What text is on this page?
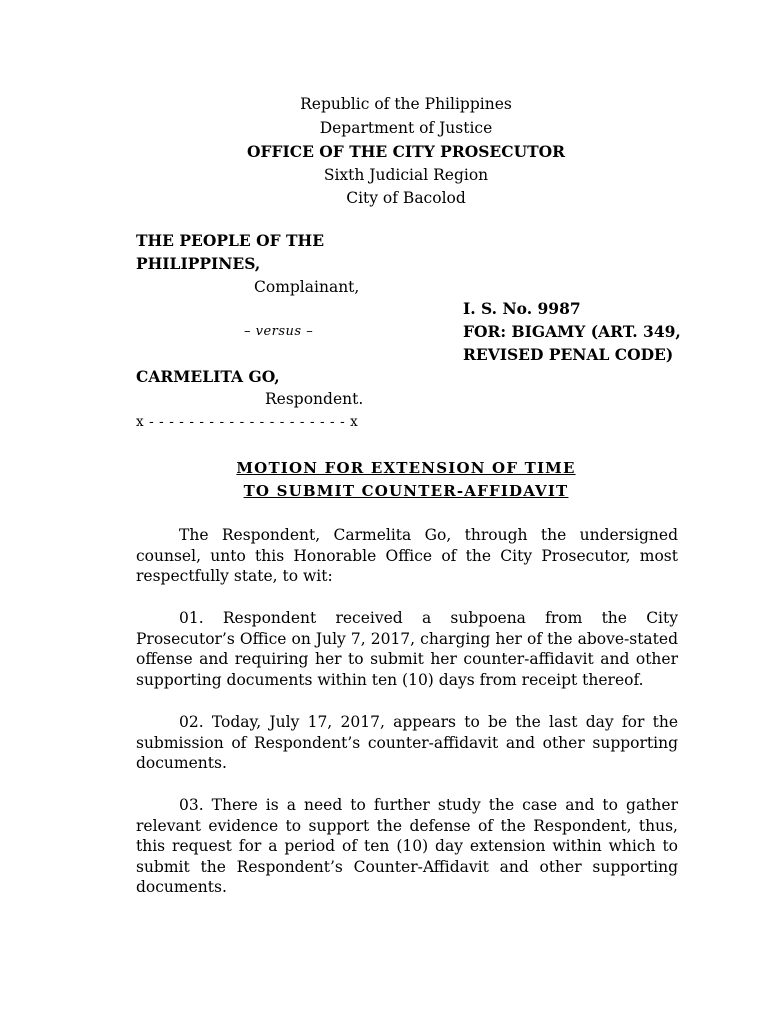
Republic of the Philippines
Department of Justice
OFFICE OF THE CITY PROSECUTOR
Sixth Judicial Region
City of Bacolod
THE PEOPLE OF THE
PHILIPPINES,
Complainant,
I. S. No. 9987
– versus –	FOR: BIGAMY (ART. 349,
REVISED PENAL CODE)
CARMELITA GO,
Respondent.
x - - - - - - - - - - - - - - - - - - - - x
MOTION FOR EXTENSION OF TIME
TO SUBMIT COUNTER-AFFIDAVIT
The Respondent, Carmelita Go, through the undersigned counsel, unto this Honorable Office of the City Prosecutor, most respectfully state, to wit:
01. Respondent received a subpoena from the City Prosecutor’s Office on July 7, 2017, charging her of the above-stated offense and requiring her to submit her counter-affidavit and other supporting documents within ten (10) days from receipt thereof.
02. Today, July 17, 2017, appears to be the last day for the submission of Respondent’s counter-affidavit and other supporting documents.
03. There is a need to further study the case and to gather relevant evidence to support the defense of the Respondent, thus, this request for a period of ten (10) day extension within which to submit the Respondent’s Counter-Affidavit and other supporting documents.
